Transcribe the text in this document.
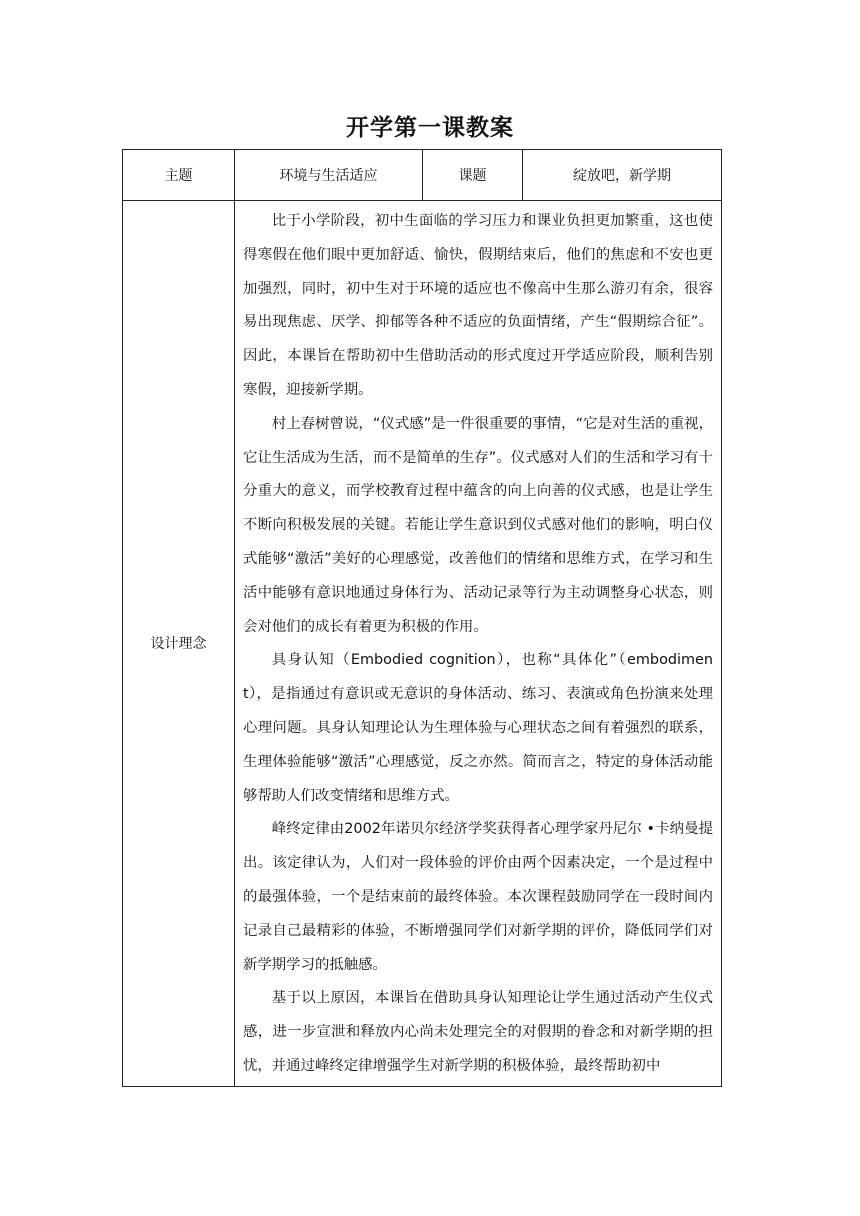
开学第一课教案
主题	环境与生活适应	课题	绽放吧，新学期
设计理念	比于小学阶段，初中生面临的学习压力和课业负担更加繁重，这也使得寒假在他们眼中更加舒适、愉快，假期结束后，他们的焦虑和不安也更加强烈，同时，初中生对于环境的适应也不像高中生那么游刃有余，很容易出现焦虑、厌学、抑郁等各种不适应的负面情绪，产生“假期综合征”。因此，本课旨在帮助初中生借助活动的形式度过开学适应阶段，顺利告别寒假，迎接新学期。

村上春树曾说，“仪式感”是一件很重要的事情，“它是对生活的重视，它让生活成为生活，而不是简单的生存”。仪式感对人们的生活和学习有十分重大的意义，而学校教育过程中蕴含的向上向善的仪式感，也是让学生不断向积极发展的关键。若能让学生意识到仪式感对他们的影响，明白仪式能够“激活”美好的心理感觉，改善他们的情绪和思维方式，在学习和生活中能够有意识地通过身体行为、活动记录等行为主动调整身心状态，则会对他们的成长有着更为积极的作用。

具身认知（Embodied cognition），也称“具体化”（embodiment），是指通过有意识或无意识的身体活动、练习、表演或角色扮演来处理心理问题。具身认知理论认为生理体验与心理状态之间有着强烈的联系，生理体验能够“激活”心理感觉，反之亦然。简而言之，特定的身体活动能够帮助人们改变情绪和思维方式。

峰终定律由2002年诺贝尔经济学奖获得者心理学家丹尼尔 •卡纳曼提出。该定律认为，人们对一段体验的评价由两个因素决定，一个是过程中的最强体验，一个是结束前的最终体验。本次课程鼓励同学在一段时间内记录自己最精彩的体验，不断增强同学们对新学期的评价，降低同学们对新学期学习的抵触感。

基于以上原因，本课旨在借助具身认知理论让学生通过活动产生仪式感，进一步宣泄和释放内心尚未处理完全的对假期的眷念和对新学期的担忧，并通过峰终定律增强学生对新学期的积极体验，最终帮助初中		
